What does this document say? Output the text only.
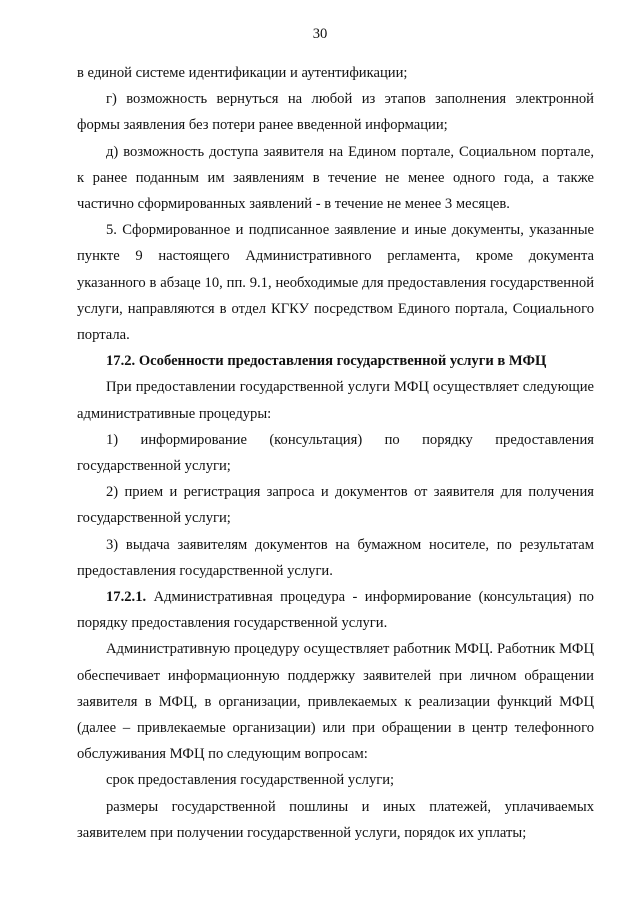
30

в единой системе идентификации и аутентификации;

г) возможность вернуться на любой из этапов заполнения электронной формы заявления без потери ранее введенной информации;

д) возможность доступа заявителя на Едином портале, Социальном портале, к ранее поданным им заявлениям в течение не менее одного года, а также частично сформированных заявлений - в течение не менее 3 месяцев.

5. Сформированное и подписанное заявление и иные документы, указанные пункте 9 настоящего Административного регламента, кроме документа указанного в абзаце 10, пп. 9.1, необходимые для предоставления государственной услуги, направляются в отдел КГКУ посредством Единого портала, Социального портала.

17.2. Особенности предоставления государственной услуги в МФЦ

При предоставлении государственной услуги МФЦ осуществляет следующие административные процедуры:

1) информирование (консультация) по порядку предоставления государственной услуги;

2) прием и регистрация запроса и документов от заявителя для получения государственной услуги;

3) выдача заявителям документов на бумажном носителе, по результатам предоставления государственной услуги.

17.2.1. Административная процедура - информирование (консультация) по порядку предоставления государственной услуги.

Административную процедуру осуществляет работник МФЦ. Работник МФЦ обеспечивает информационную поддержку заявителей при личном обращении заявителя в МФЦ, в организации, привлекаемых к реализации функций МФЦ (далее – привлекаемые организации) или при обращении в центр телефонного обслуживания МФЦ по следующим вопросам:

срок предоставления государственной услуги;

размеры государственной пошлины и иных платежей, уплачиваемых заявителем при получении государственной услуги, порядок их уплаты;
